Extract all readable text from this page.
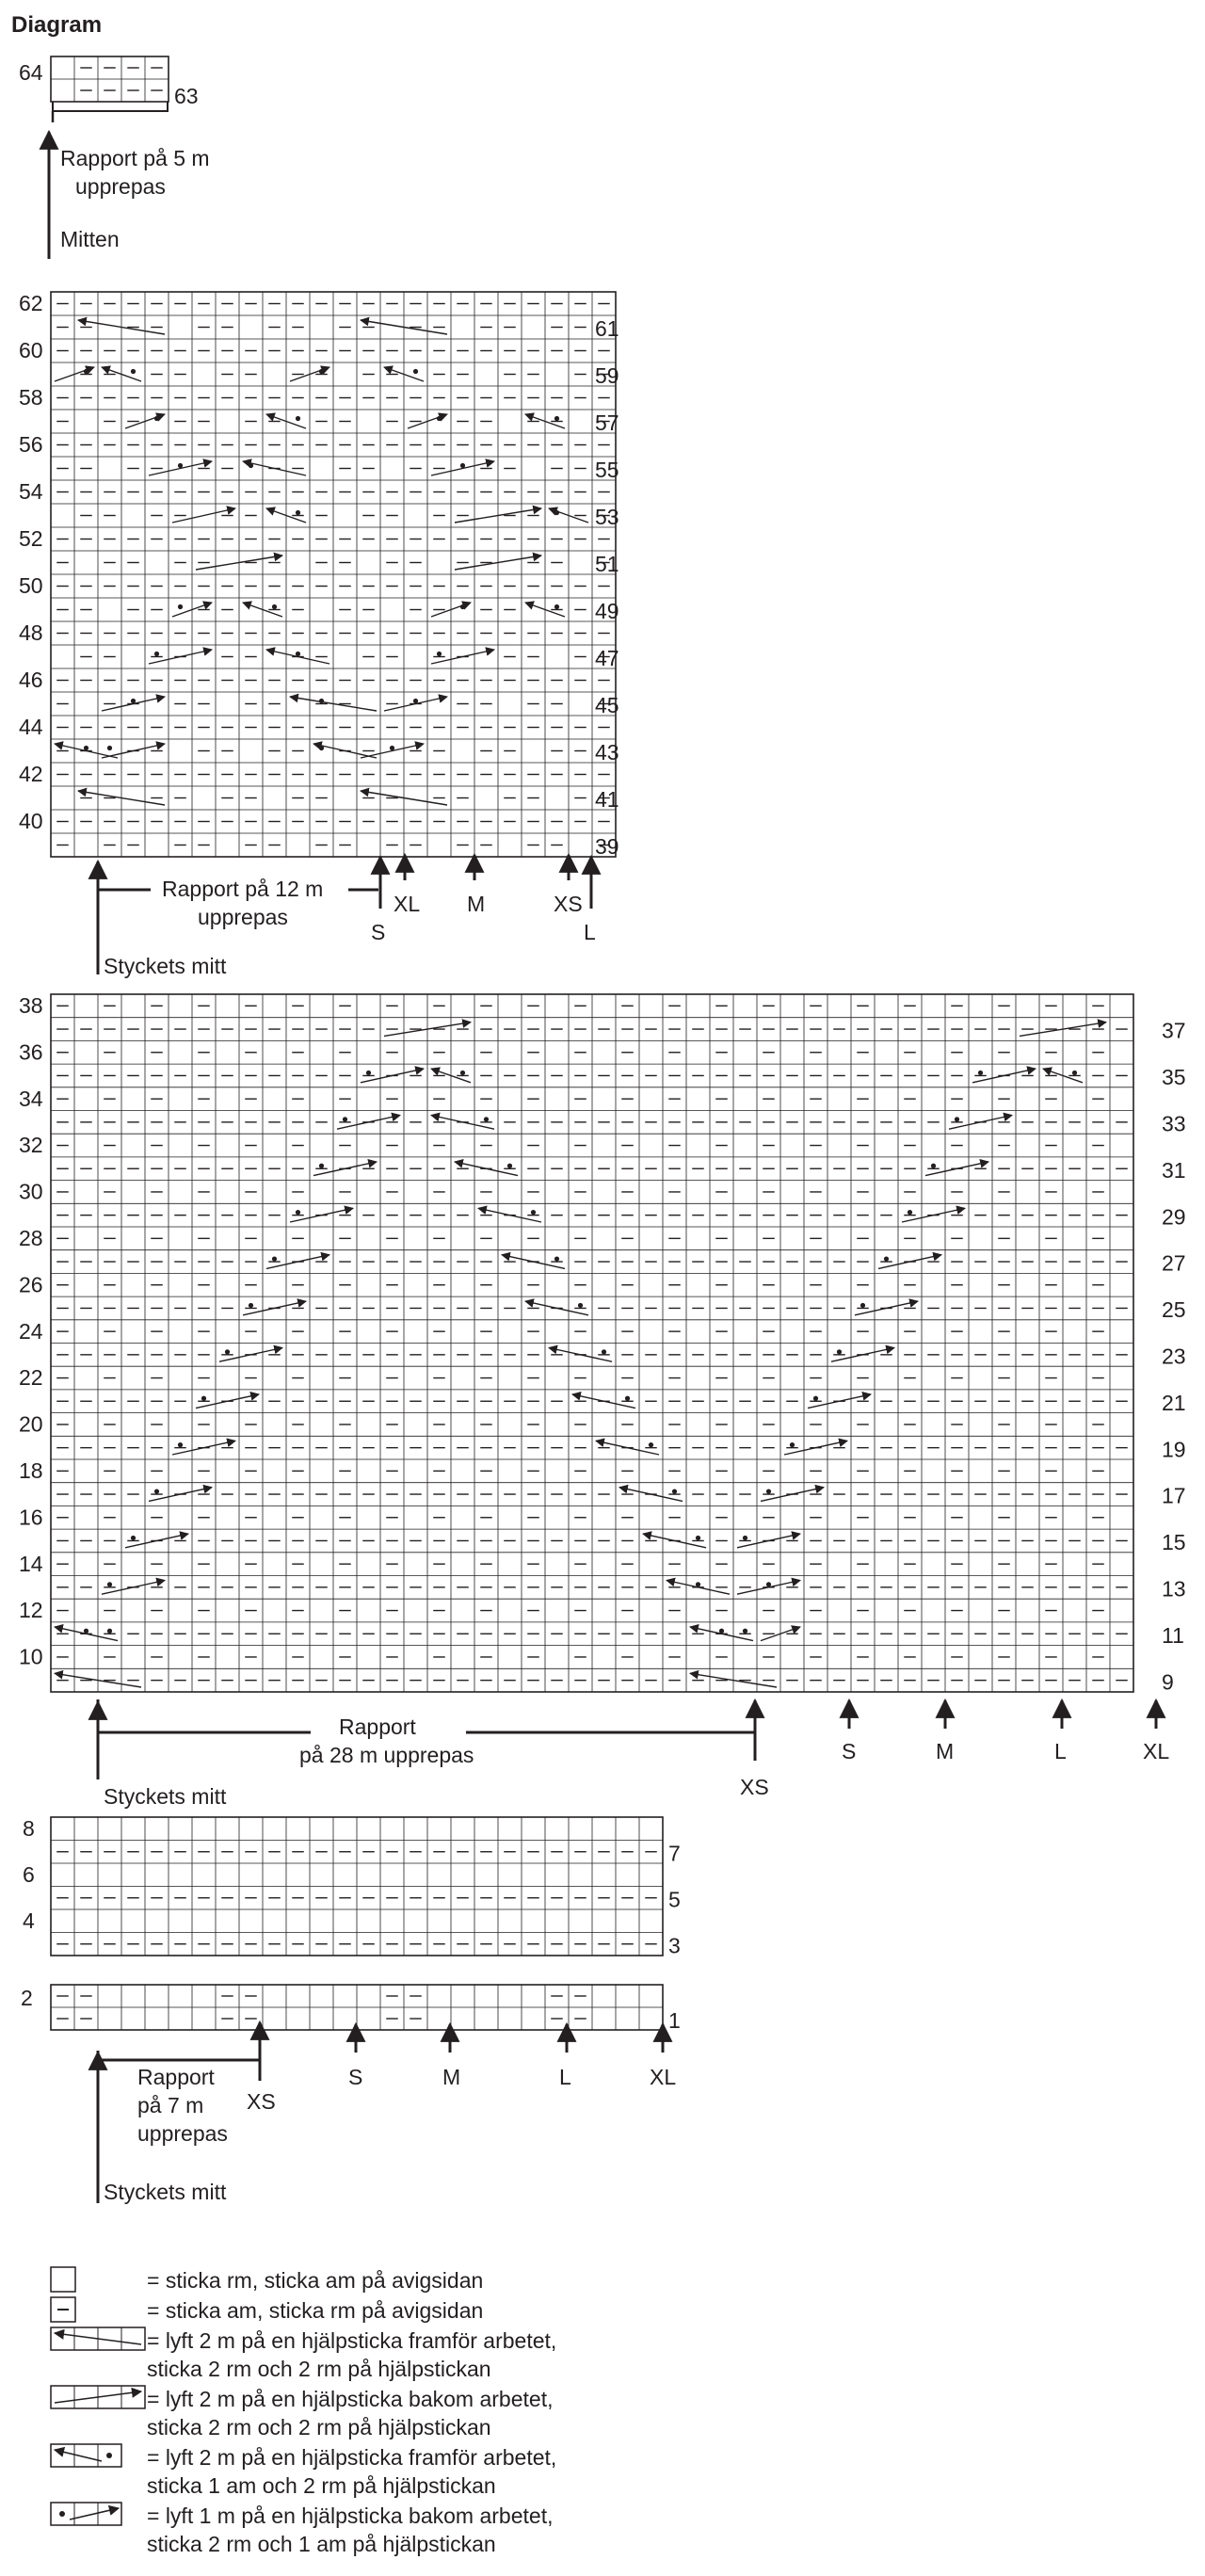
Diagram
64
63
Rapport på 5 m
upprepas
Mitten
62
60
58
56
54
52
50
48
46
44
42
40
61
59
57
55
53
51
49
47
45
43
41
39
Rapport på 12 m
upprepas
S
XL M	XS
L
Styckets mitt
38
36
34
32
30
28
26
24
22
20
18
16
14
12
10
37
35
33
31
29
27
25
23
21
19
17
15
13
11
9
Rapport
på 28 m upprepas
XS
S	M	L	XL
Styckets mitt
8
6
4
7
5
3
2
1
Rapport
på 7 m
upprepas
XS
S	M	L	XL
Styckets mitt
= sticka rm, sticka am på avigsidan
= sticka am, sticka rm på avigsidan
= lyft 2 m på en hjälpsticka framför arbetet,
sticka 2 rm och 2 rm på hjälpstickan
= lyft 2 m på en hjälpsticka bakom arbetet,
sticka 2 rm och 2 rm på hjälpstickan
= lyft 2 m på en hjälpsticka framför arbetet,
sticka 1 am och 2 rm på hjälpstickan
= lyft 1 m på en hjälpsticka bakom arbetet,
sticka 2 rm och 1 am på hjälpstickan
